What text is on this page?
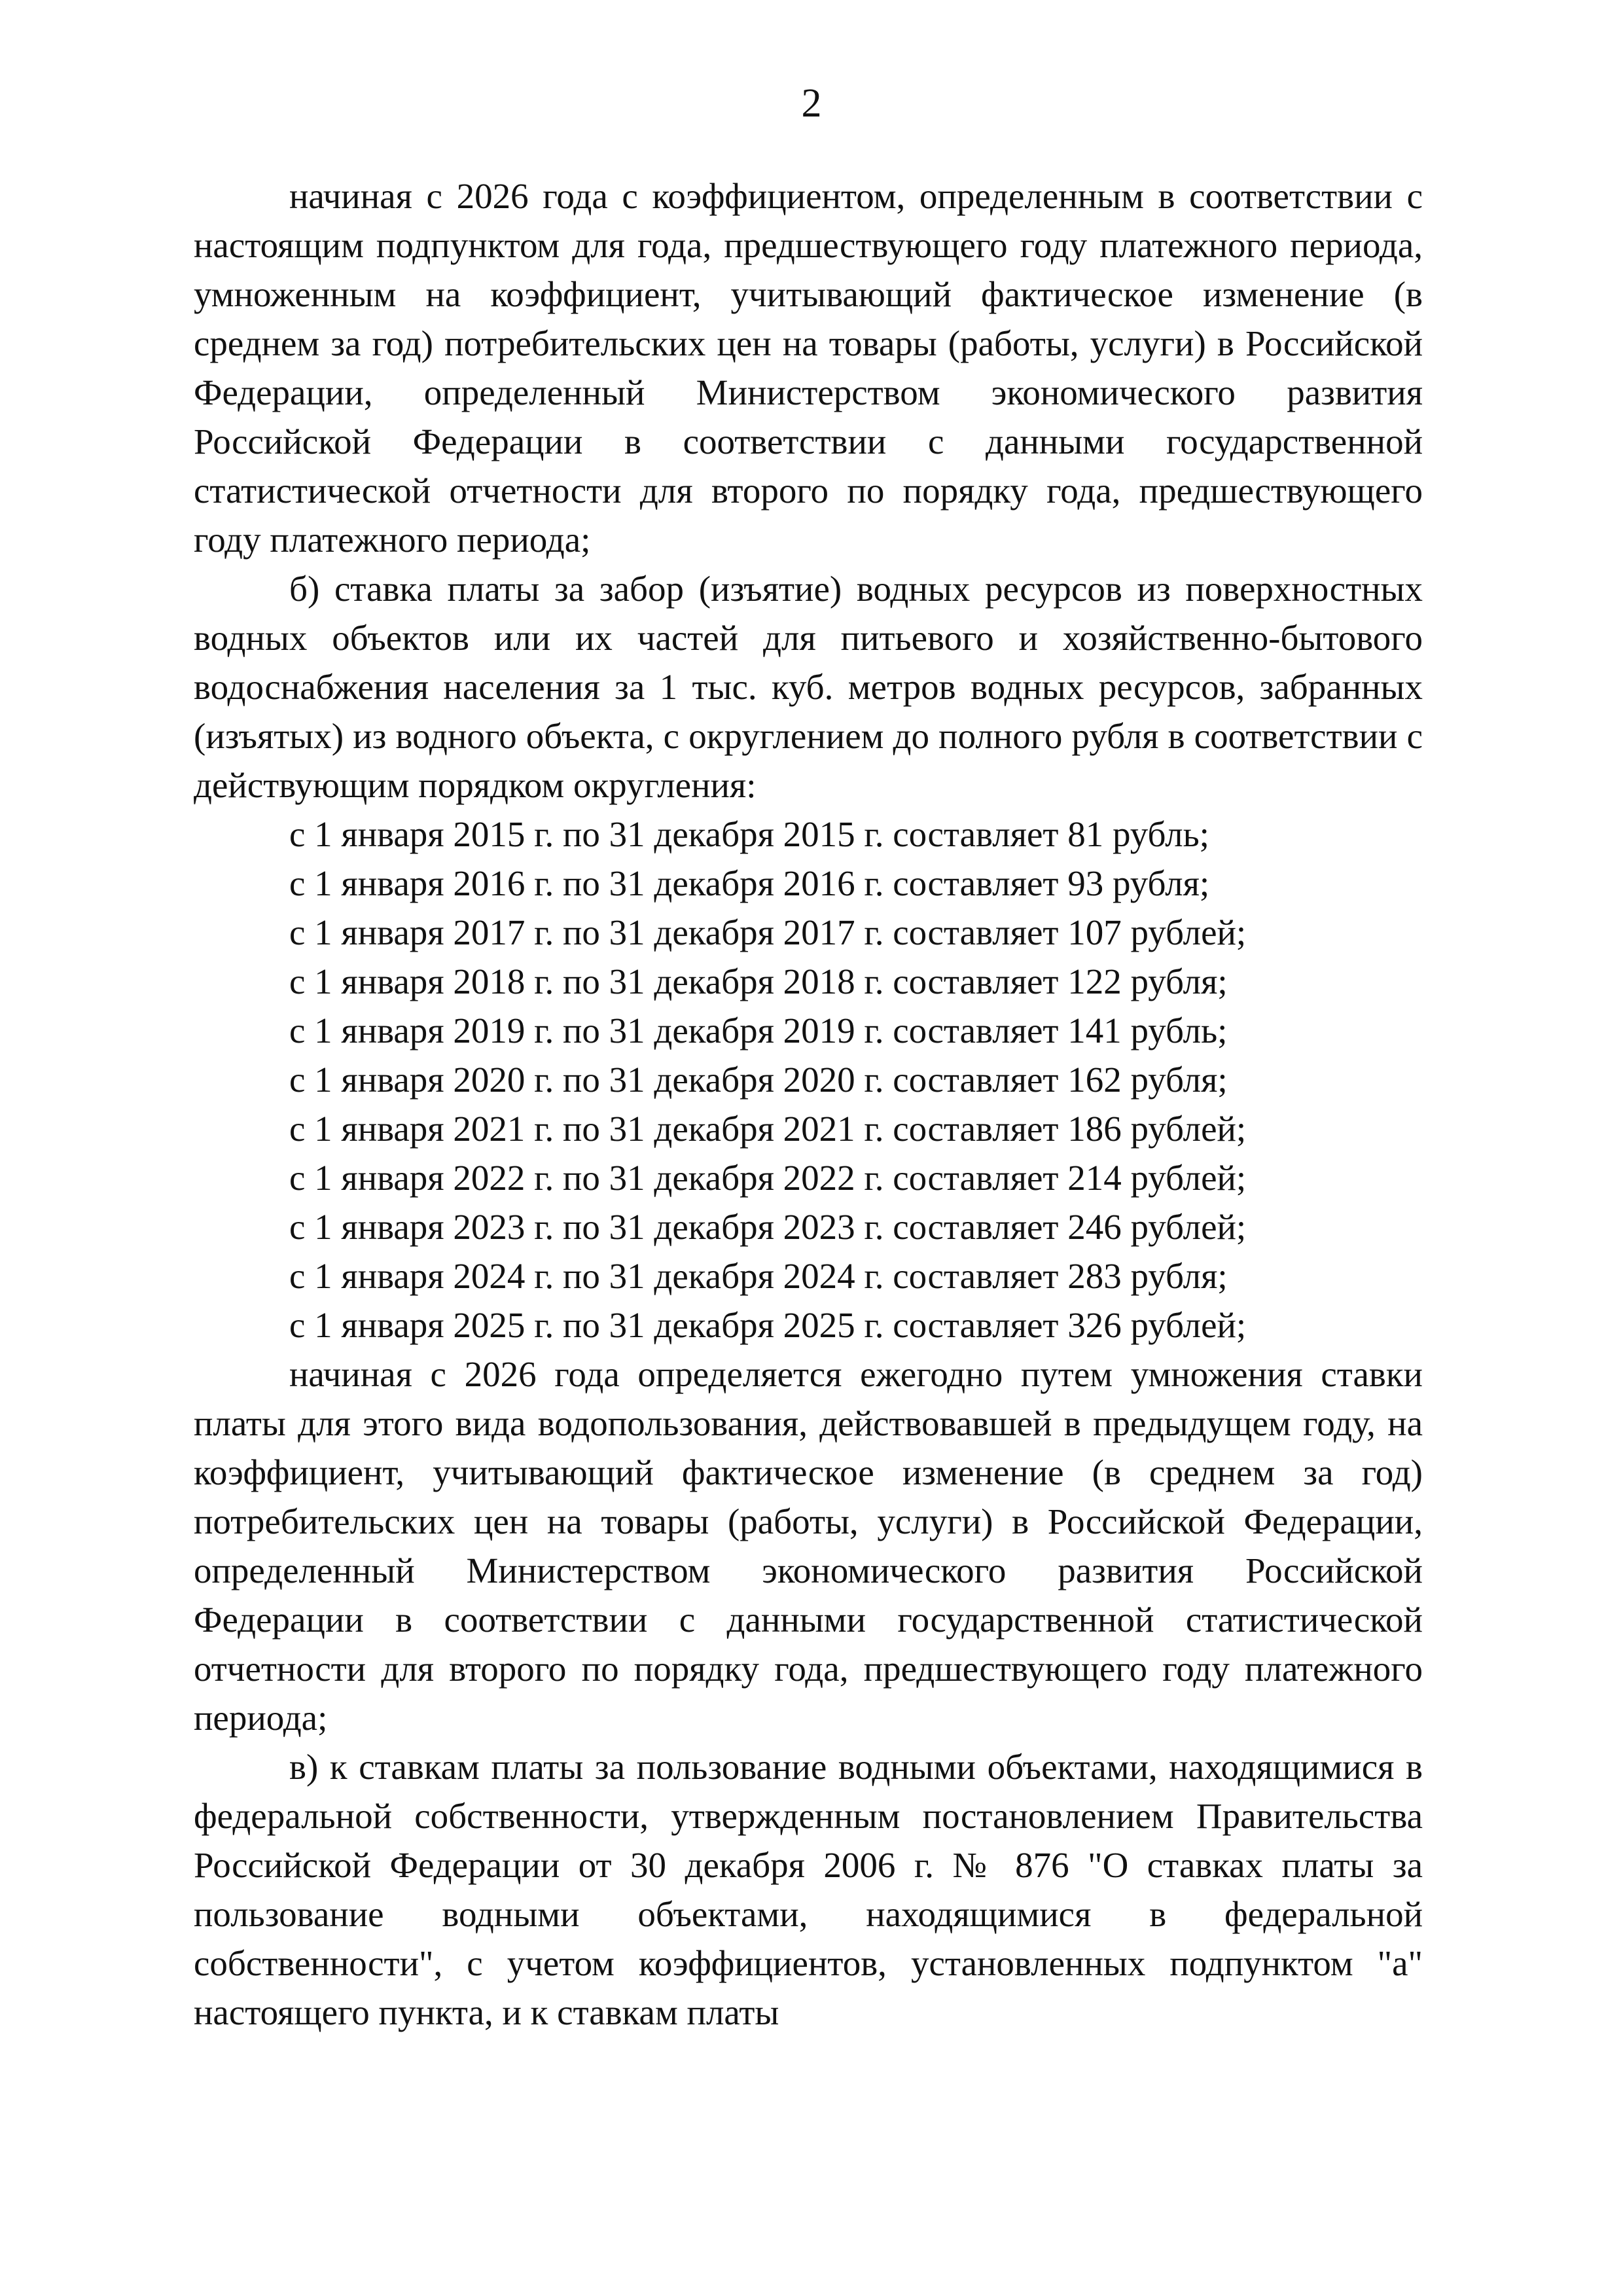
2

начиная с 2026 года с коэффициентом, определенным в соответствии с настоящим подпунктом для года, предшествующего году платежного периода, умноженным на коэффициент, учитывающий фактическое изменение (в среднем за год) потребительских цен на товары (работы, услуги) в Российской Федерации, определенный Министерством экономического развития Российской Федерации в соответствии с данными государственной статистической отчетности для второго по порядку года, предшествующего году платежного периода;

б) ставка платы за забор (изъятие) водных ресурсов из поверхностных водных объектов или их частей для питьевого и хозяйственно-бытового водоснабжения населения за 1 тыс. куб. метров водных ресурсов, забранных (изъятых) из водного объекта, с округлением до полного рубля в соответствии с действующим порядком округления:

с 1 января 2015 г. по 31 декабря 2015 г. составляет 81 рубль;

с 1 января 2016 г. по 31 декабря 2016 г. составляет 93 рубля;

с 1 января 2017 г. по 31 декабря 2017 г. составляет 107 рублей;

с 1 января 2018 г. по 31 декабря 2018 г. составляет 122 рубля;

с 1 января 2019 г. по 31 декабря 2019 г. составляет 141 рубль;

с 1 января 2020 г. по 31 декабря 2020 г. составляет 162 рубля;

с 1 января 2021 г. по 31 декабря 2021 г. составляет 186 рублей;

с 1 января 2022 г. по 31 декабря 2022 г. составляет 214 рублей;

с 1 января 2023 г. по 31 декабря 2023 г. составляет 246 рублей;

с 1 января 2024 г. по 31 декабря 2024 г. составляет 283 рубля;

с 1 января 2025 г. по 31 декабря 2025 г. составляет 326 рублей;

начиная с 2026 года определяется ежегодно путем умножения ставки платы для этого вида водопользования, действовавшей в предыдущем году, на коэффициент, учитывающий фактическое изменение (в среднем за год) потребительских цен на товары (работы, услуги) в Российской Федерации, определенный Министерством экономического развития Российской Федерации в соответствии с данными государственной статистической отчетности для второго по порядку года, предшествующего году платежного периода;

в) к ставкам платы за пользование водными объектами, находящимися в федеральной собственности, утвержденным постановлением Правительства Российской Федерации от 30 декабря 2006 г. № 876 "О ставках платы за пользование водными объектами, находящимися в федеральной собственности", с учетом коэффициентов, установленных подпунктом "а" настоящего пункта, и к ставкам платы
